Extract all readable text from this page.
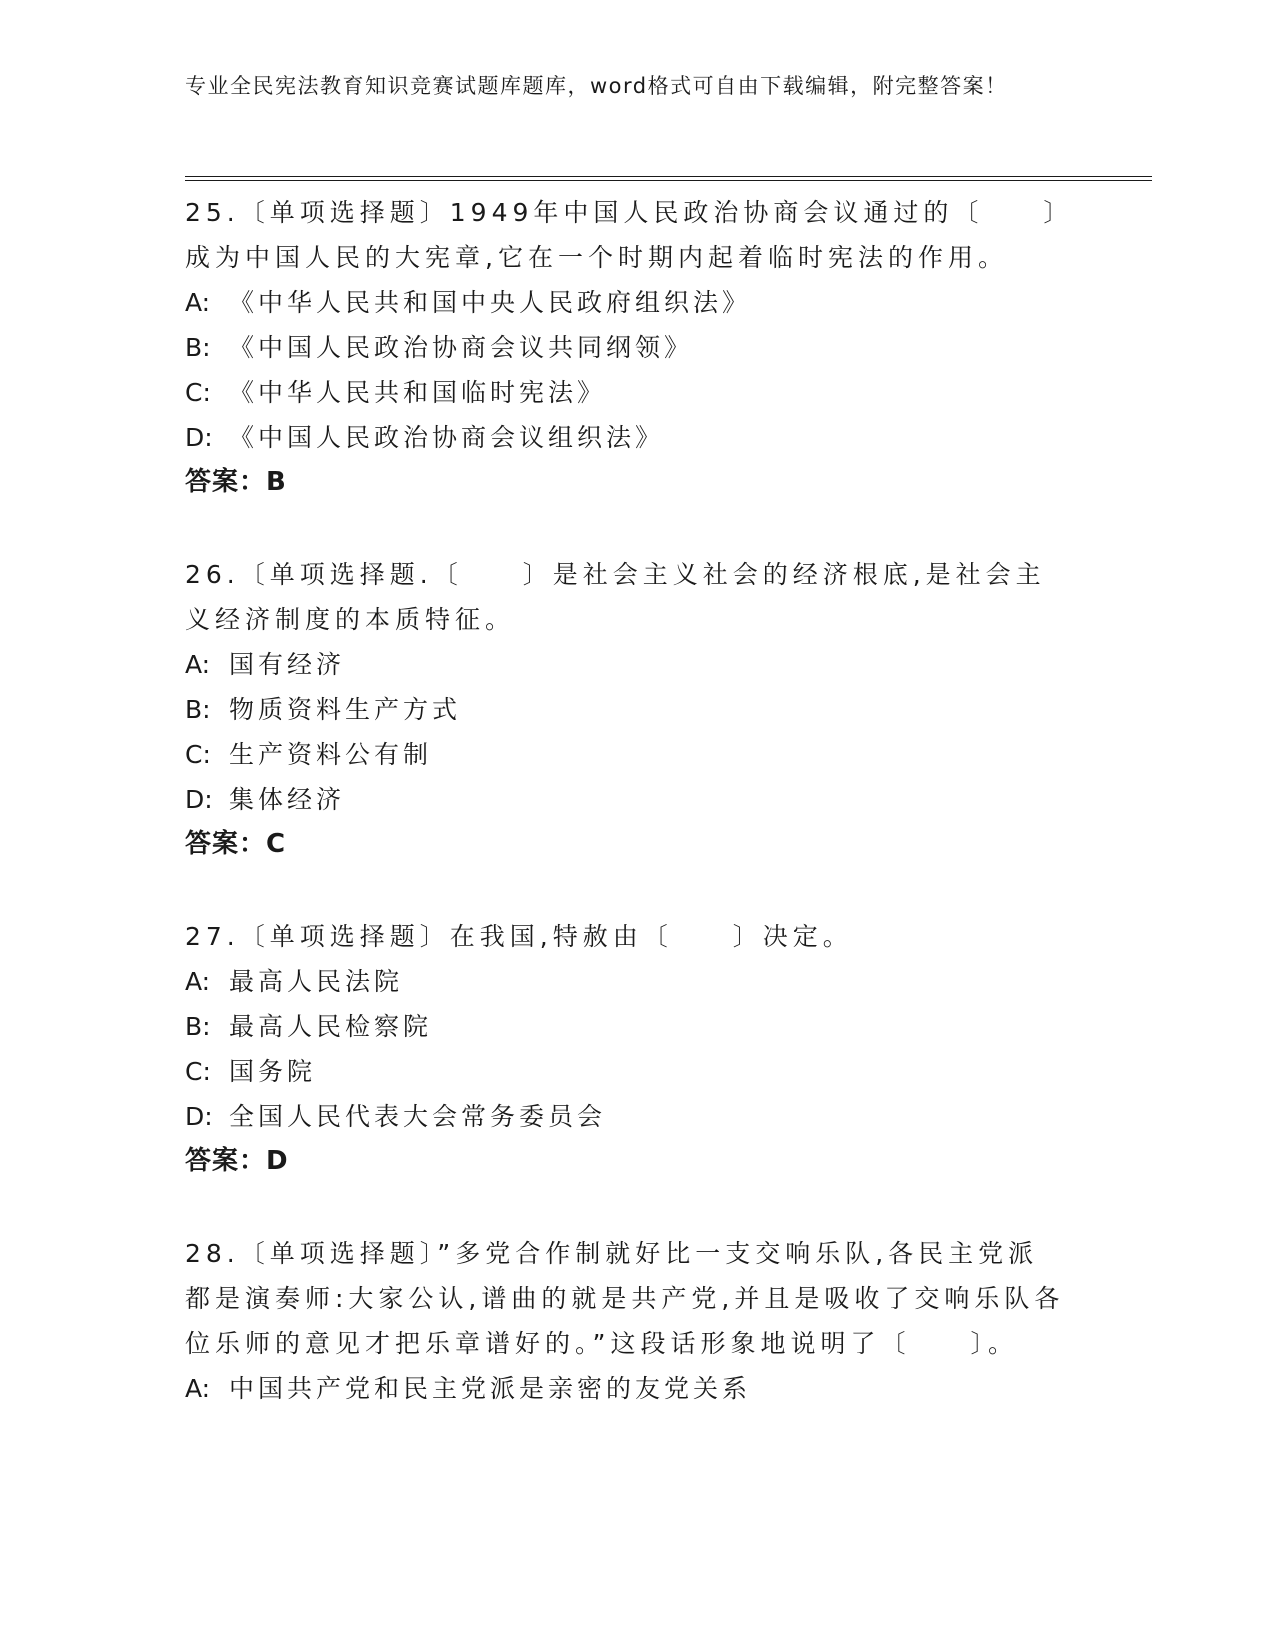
专业全民宪法教育知识竞赛试题库题库，word格式可自由下载编辑，附完整答案！
25.〔单项选择题〕1949年中国人民政治协商会议通过的〔　　〕成为中国人民的大宪章,它在一个时期内起着临时宪法的作用。
A: 《中华人民共和国中央人民政府组织法》
B: 《中国人民政治协商会议共同纲领》
C: 《中华人民共和国临时宪法》
D: 《中国人民政治协商会议组织法》
答案：B
26.〔单项选择题.〔　　〕是社会主义社会的经济根底,是社会主义经济制度的本质特征。
A: 国有经济
B: 物质资料生产方式
C: 生产资料公有制
D: 集体经济
答案：C
27.〔单项选择题〕在我国,特赦由〔　　〕决定。
A: 最高人民法院
B: 最高人民检察院
C: 国务院
D: 全国人民代表大会常务委员会
答案：D
28.〔单项选择题〕”多党合作制就好比一支交响乐队,各民主党派都是演奏师:大家公认,谱曲的就是共产党,并且是吸收了交响乐队各位乐师的意见才把乐章谱好的。”这段话形象地说明了〔　　〕。
A: 中国共产党和民主党派是亲密的友党关系
